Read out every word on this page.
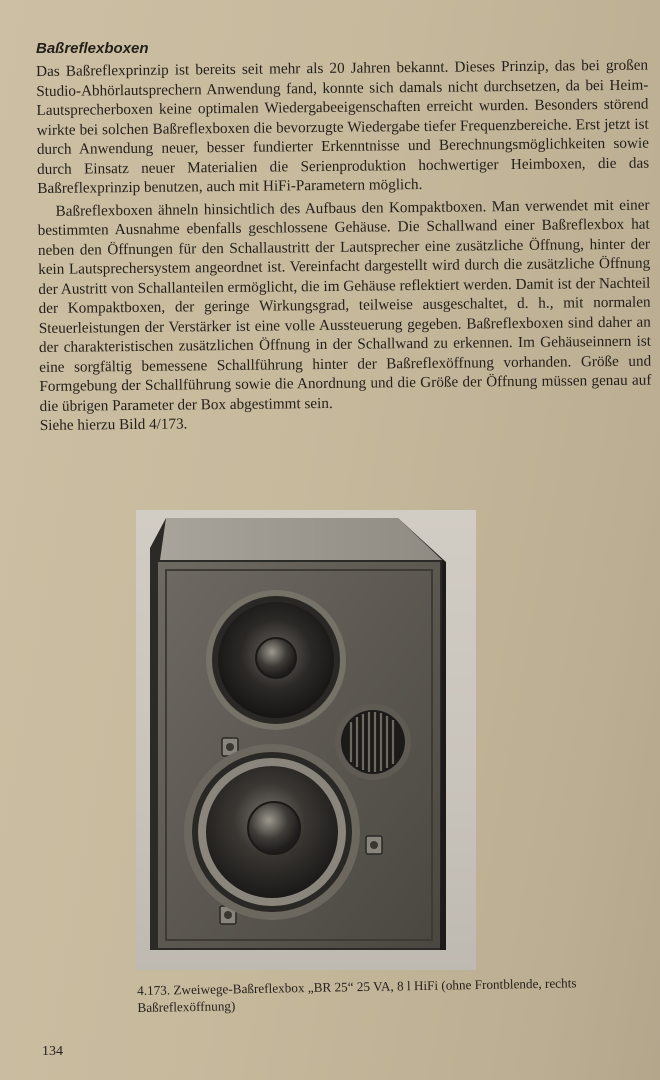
Baßreflexboxen

Das Baßreflexprinzip ist bereits seit mehr als 20 Jahren bekannt. Dieses Prinzip, das bei großen Studio-Abhörlautsprechern Anwendung fand, konnte sich damals nicht durchsetzen, da bei Heim-Lautsprecherboxen keine optimalen Wiedergabeeigenschaften erreicht wurden. Besonders störend wirkte bei solchen Baßreflexboxen die bevorzugte Wiedergabe tiefer Frequenzbereiche. Erst jetzt ist durch Anwendung neuer, besser fundierter Erkenntnisse und Berechnungsmöglichkeiten sowie durch Einsatz neuer Materialien die Serienproduktion hochwertiger Heimboxen, die das Baßreflexprinzip benutzen, auch mit HiFi-Parametern möglich.

Baßreflexboxen ähneln hinsichtlich des Aufbaus den Kompaktboxen. Man verwendet mit einer bestimmten Ausnahme ebenfalls geschlossene Gehäuse. Die Schallwand einer Baßreflexbox hat neben den Öffnungen für den Schallaustritt der Lautsprecher eine zusätzliche Öffnung, hinter der kein Lautsprechersystem angeordnet ist. Vereinfacht dargestellt wird durch die zusätzliche Öffnung der Austritt von Schallanteilen ermöglicht, die im Gehäuse reflektiert werden. Damit ist der Nachteil der Kompaktboxen, der geringe Wirkungsgrad, teilweise ausgeschaltet, d. h., mit normalen Steuerleistungen der Verstärker ist eine volle Aussteuerung gegeben. Baßreflexboxen sind daher an der charakteristischen zusätzlichen Öffnung in der Schallwand zu erkennen. Im Gehäuseinnern ist eine sorgfältig bemessene Schallführung hinter der Baßreflexöffnung vorhanden. Größe und Formgebung der Schallführung sowie die Anordnung und die Größe der Öffnung müssen genau auf die übrigen Parameter der Box abgestimmt sein.

Siehe hierzu Bild 4/173.

4.173. Zweiwege-Baßreflexbox „BR 25“ 25 VA, 8 l HiFi (ohne Frontblende, rechts Baßreflexöffnung)
134
